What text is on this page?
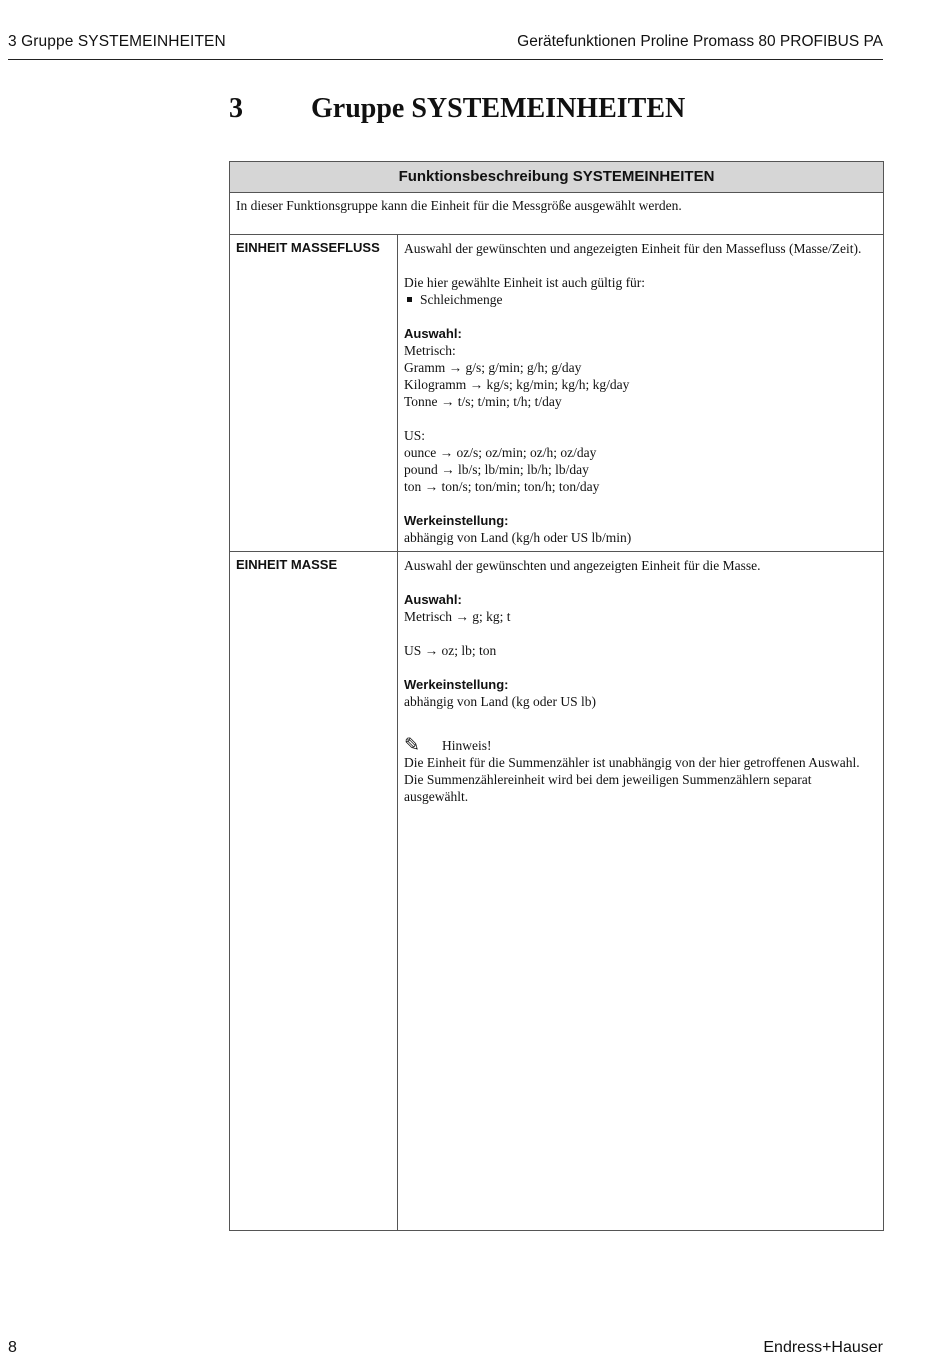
3 Gruppe SYSTEMEINHEITEN	Gerätefunktionen Proline Promass 80 PROFIBUS PA
3	Gruppe SYSTEMEINHEITEN
Funktionsbeschreibung SYSTEMEINHEITEN
In dieser Funktionsgruppe kann die Einheit für die Messgröße ausgewählt werden.
EINHEIT MASSEFLUSS	Auswahl der gewünschten und angezeigten Einheit für den Massefluss (Masse/Zeit).
Die hier gewählte Einheit ist auch gültig für:
Schleichmenge
Auswahl:
Metrisch:
Gramm → g/s; g/min; g/h; g/day
Kilogramm → kg/s; kg/min; kg/h; kg/day
Tonne → t/s; t/min; t/h; t/day
US:
ounce → oz/s; oz/min; oz/h; oz/day
pound → lb/s; lb/min; lb/h; lb/day
ton → ton/s; ton/min; ton/h; ton/day
Werkeinstellung:
abhängig von Land (kg/h oder US lb/min)
EINHEIT MASSE	Auswahl der gewünschten und angezeigten Einheit für die Masse.
Auswahl:
Metrisch → g; kg; t
US → oz; lb; ton
Werkeinstellung:
abhängig von Land (kg oder US lb)
✎	Hinweis!
Die Einheit für die Summenzähler ist unabhängig von der hier getroffenen Auswahl. Die Summenzählereinheit wird bei dem jeweiligen Summenzählern separat ausgewählt.
8	Endress+Hauser
